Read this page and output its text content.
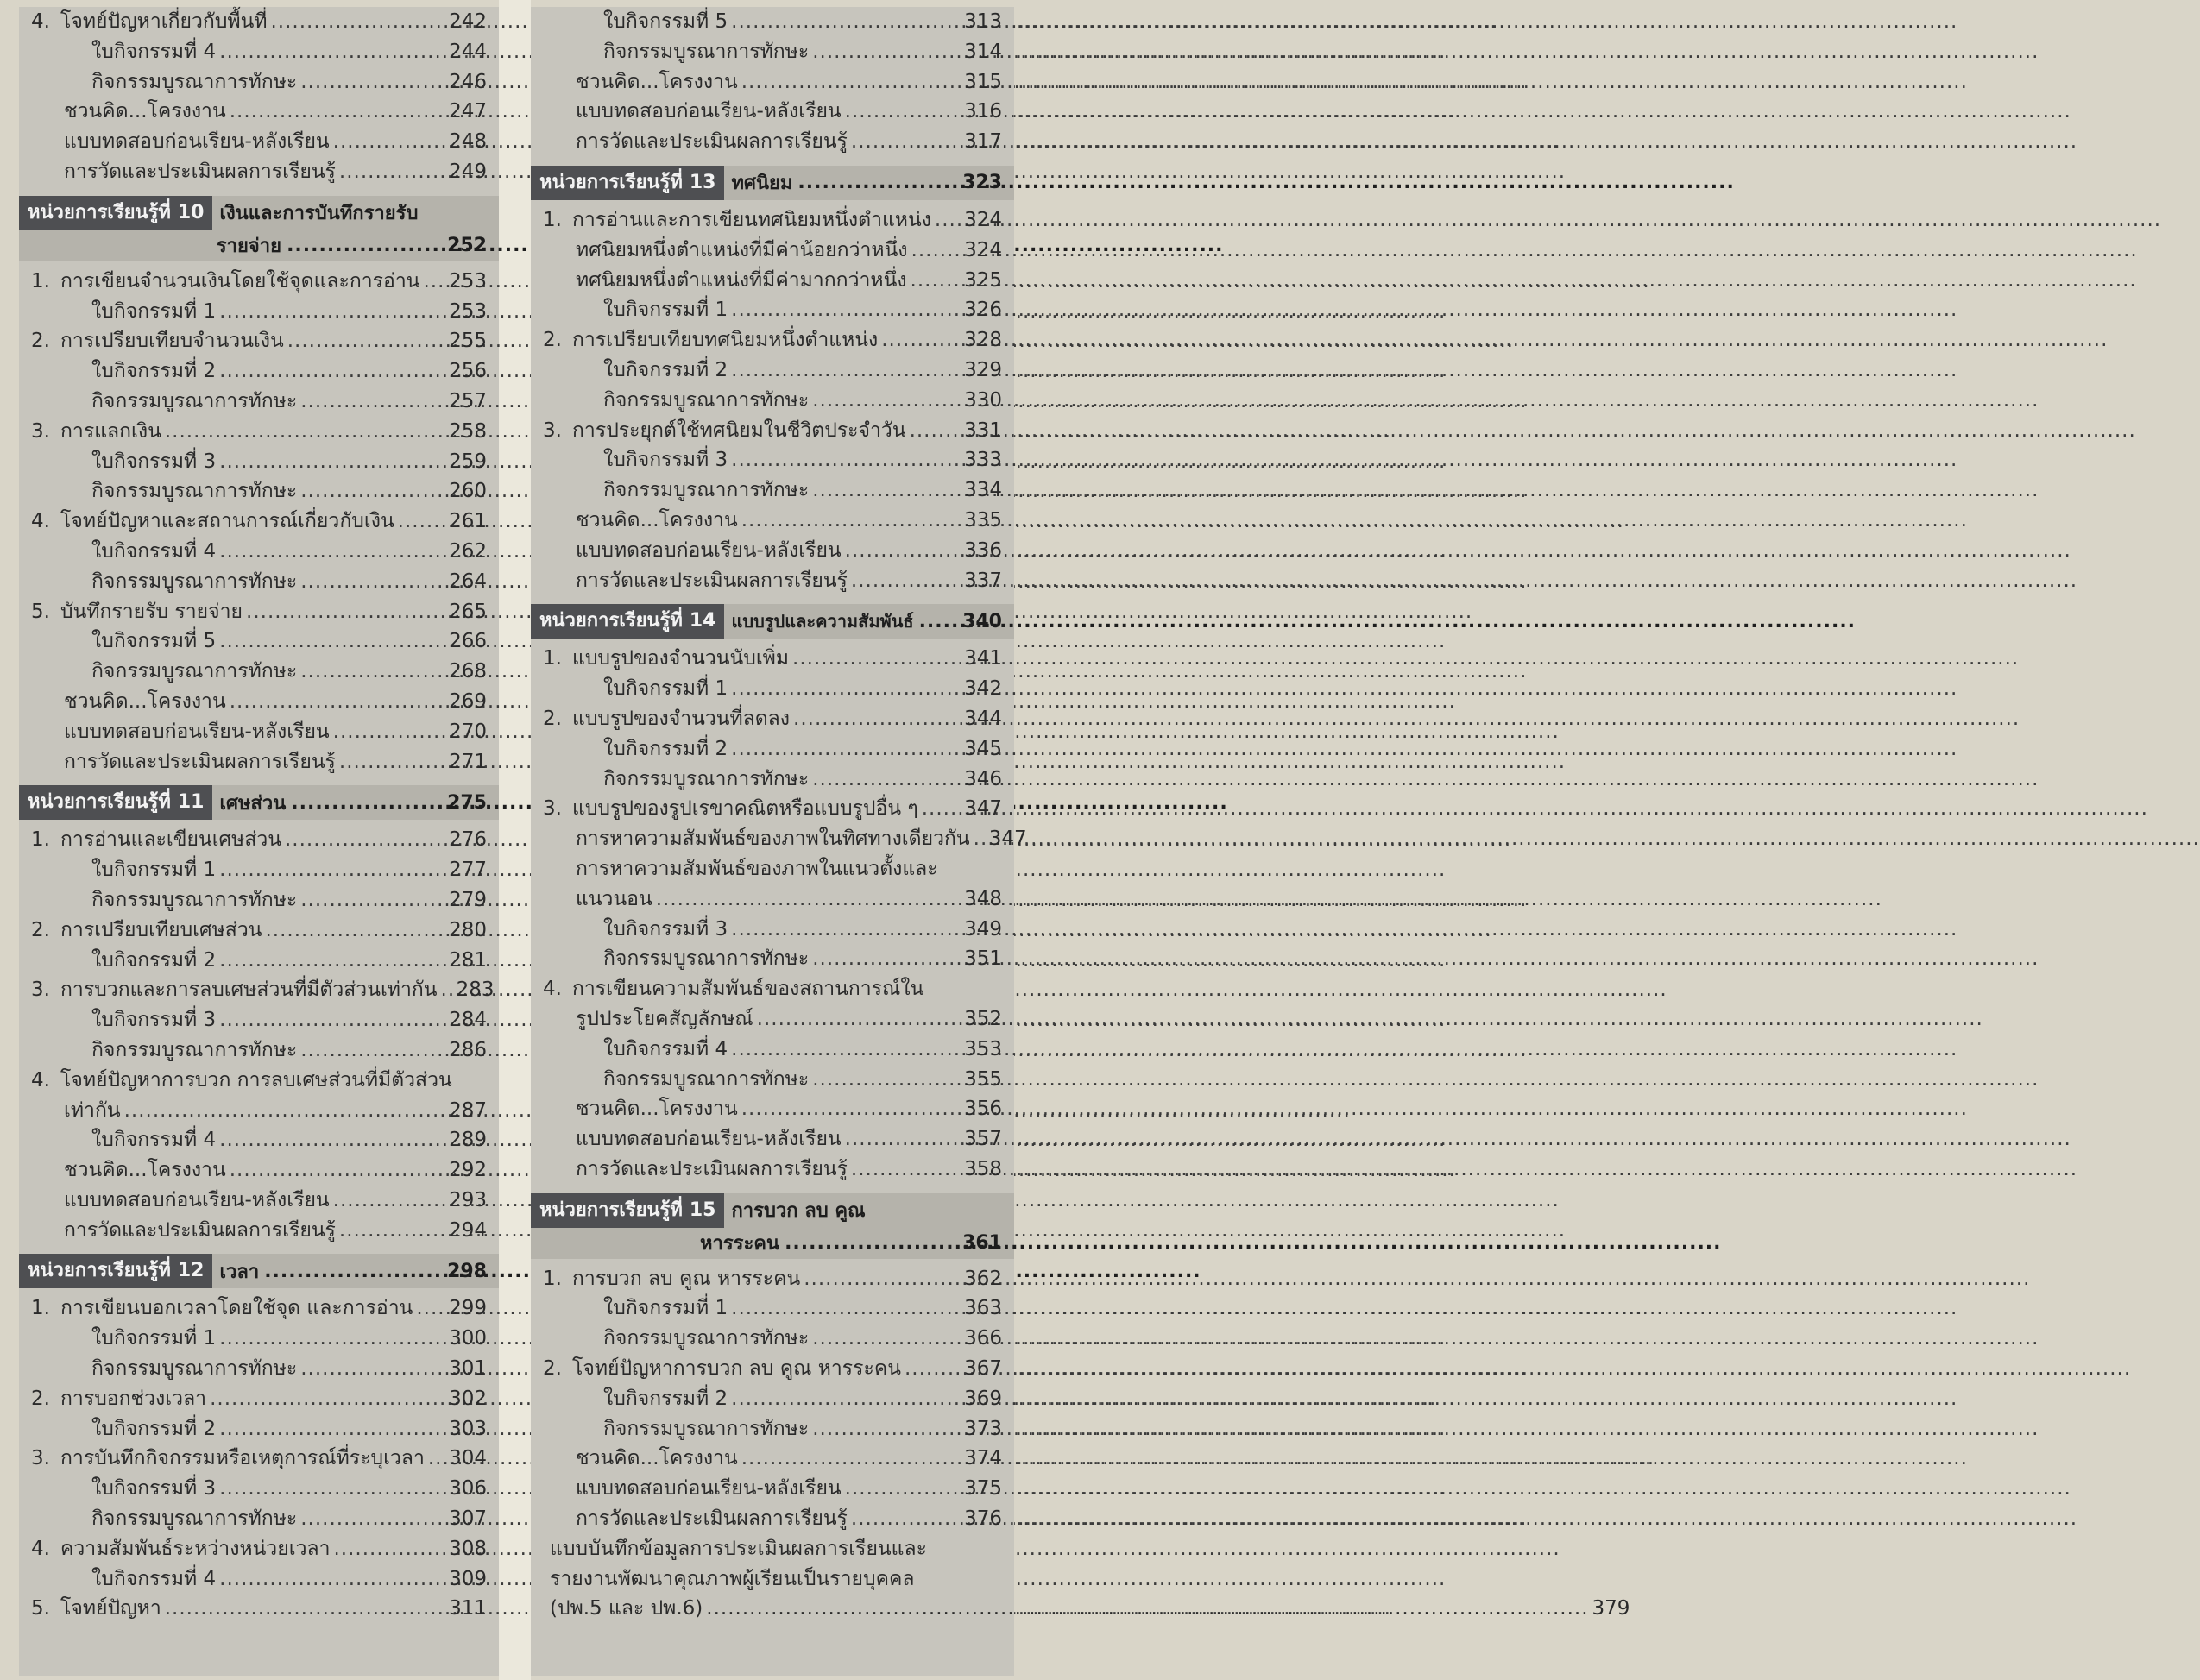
4. โจทย์ปัญหาเกี่ยวกับพื้นที่ .....	242
ใบกิจกรรมที่ 4 .....	244
กิจกรรมบูรณาการทักษะ .....	246
ชวนคิด...โครงงาน .....	247
แบบทดสอบก่อนเรียน-หลังเรียน .....	248
การวัดและประเมินผลการเรียนรู้ .....	249
หน่วยการเรียนรู้ที่ 10 เงินและการบันทึกรายรับ
รายจ่าย .....	252
1. การเขียนจำนวนเงินโดยใช้จุดและการอ่าน ..... 253
ใบกิจกรรมที่ 1 .....	253
2. การเปรียบเทียบจำนวนเงิน .....	255
ใบกิจกรรมที่ 2 .....	256
กิจกรรมบูรณาการทักษะ .....	257
3. การแลกเงิน .....	258
ใบกิจกรรมที่ 3 .....	259
กิจกรรมบูรณาการทักษะ .....	260
4. โจทย์ปัญหาและสถานการณ์เกี่ยวกับเงิน .....	261
ใบกิจกรรมที่ 4 .....	262
กิจกรรมบูรณาการทักษะ .....	264
5. บันทึกรายรับ รายจ่าย .....	265
ใบกิจกรรมที่ 5 .....	266
กิจกรรมบูรณาการทักษะ .....	268
ชวนคิด...โครงงาน .....	269
แบบทดสอบก่อนเรียน-หลังเรียน .....	270
การวัดและประเมินผลการเรียนรู้ .....	271
หน่วยการเรียนรู้ที่ 11 เศษส่วน .....	275
1. การอ่านและเขียนเศษส่วน .....	276
ใบกิจกรรมที่ 1 .....	277
กิจกรรมบูรณาการทักษะ .....	279
2. การเปรียบเทียบเศษส่วน .....	280
ใบกิจกรรมที่ 2 .....	281
3. การบวกและการลบเศษส่วนที่มีตัวส่วนเท่ากัน ..... 283
ใบกิจกรรมที่ 3 .....	284
กิจกรรมบูรณาการทักษะ .....	286
4. โจทย์ปัญหาการบวก การลบเศษส่วนที่มีตัวส่วน
เท่ากัน .....	287
ใบกิจกรรมที่ 4 .....	289
ชวนคิด...โครงงาน .....	292
แบบทดสอบก่อนเรียน-หลังเรียน .....	293
การวัดและประเมินผลการเรียนรู้ .....	294
หน่วยการเรียนรู้ที่ 12 เวลา .....	298
1. การเขียนบอกเวลาโดยใช้จุด และการอ่าน ..... 299
ใบกิจกรรมที่ 1 .....	300
กิจกรรมบูรณาการทักษะ .....	301
2. การบอกช่วงเวลา .....	302
ใบกิจกรรมที่ 2 .....	303
3. การบันทึกกิจกรรมหรือเหตุการณ์ที่ระบุเวลา ..... 304
ใบกิจกรรมที่ 3 .....	306
กิจกรรมบูรณาการทักษะ .....	307
4. ความสัมพันธ์ระหว่างหน่วยเวลา .....	308
ใบกิจกรรมที่ 4 .....	309
5. โจทย์ปัญหา .....	311
ใบกิจกรรมที่ 5 .....	313
กิจกรรมบูรณาการทักษะ .....	314
ชวนคิด...โครงงาน .....	315
แบบทดสอบก่อนเรียน-หลังเรียน .....	316
การวัดและประเมินผลการเรียนรู้ .....	317
หน่วยการเรียนรู้ที่ 13 ทศนิยม .....	323
1. การอ่านและการเขียนทศนิยมหนึ่งตำแหน่ง ..... 324
ทศนิยมหนึ่งตำแหน่งที่มีค่าน้อยกว่าหนึ่ง .....	324
ทศนิยมหนึ่งตำแหน่งที่มีค่ามากกว่าหนึ่ง .....	325
ใบกิจกรรมที่ 1 .....	326
2. การเปรียบเทียบทศนิยมหนึ่งตำแหน่ง .....	328
ใบกิจกรรมที่ 2 .....	329
กิจกรรมบูรณาการทักษะ .....	330
3. การประยุกต์ใช้ทศนิยมในชีวิตประจำวัน .....	331
ใบกิจกรรมที่ 3 .....	333
กิจกรรมบูรณาการทักษะ .....	334
ชวนคิด...โครงงาน .....	335
แบบทดสอบก่อนเรียน-หลังเรียน .....	336
การวัดและประเมินผลการเรียนรู้ .....	337
หน่วยการเรียนรู้ที่ 14 แบบรูปและความสัมพันธ์ .....	340
1. แบบรูปของจำนวนนับเพิ่ม .....	341
ใบกิจกรรมที่ 1 .....	342
2. แบบรูปของจำนวนที่ลดลง .....	344
ใบกิจกรรมที่ 2 .....	345
กิจกรรมบูรณาการทักษะ .....	346
3. แบบรูปของรูปเรขาคณิตหรือแบบรูปอื่น ๆ ..... 347
การหาความสัมพันธ์ของภาพในทิศทางเดียวกัน ..... 347
การหาความสัมพันธ์ของภาพในแนวตั้งและ
แนวนอน .....	348
ใบกิจกรรมที่ 3 .....	349
กิจกรรมบูรณาการทักษะ .....	351
4. การเขียนความสัมพันธ์ของสถานการณ์ใน
รูปประโยคสัญลักษณ์ .....	352
ใบกิจกรรมที่ 4 .....	353
กิจกรรมบูรณาการทักษะ .....	355
ชวนคิด...โครงงาน .....	356
แบบทดสอบก่อนเรียน-หลังเรียน .....	357
การวัดและประเมินผลการเรียนรู้ .....	358
หน่วยการเรียนรู้ที่ 15 การบวก ลบ คูณ
หารระคน .....	361
1. การบวก ลบ คูณ หารระคน .....	362
ใบกิจกรรมที่ 1 .....	363
กิจกรรมบูรณาการทักษะ .....	366
2. โจทย์ปัญหาการบวก ลบ คูณ หารระคน .....	367
ใบกิจกรรมที่ 2 .....	369
กิจกรรมบูรณาการทักษะ .....	373
ชวนคิด...โครงงาน .....	374
แบบทดสอบก่อนเรียน-หลังเรียน .....	375
การวัดและประเมินผลการเรียนรู้ .....	376
แบบบันทึกข้อมูลการประเมินผลการเรียนและ
รายงานพัฒนาคุณภาพผู้เรียนเป็นรายบุคคล
(ปพ.5 และ ปพ.6) .....	379
